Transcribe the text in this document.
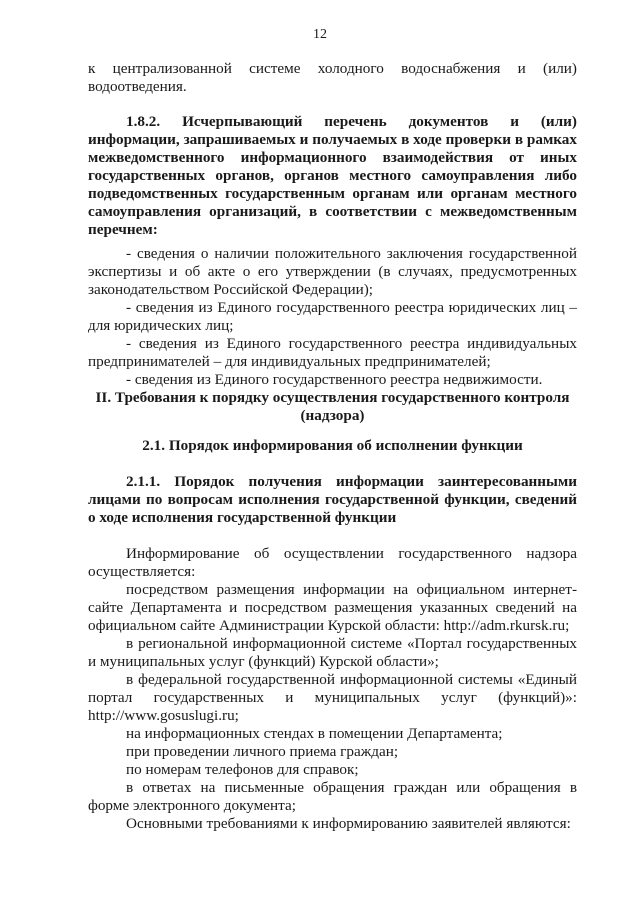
12

к централизованной системе холодного водоснабжения и (или) водоотведения.

1.8.2. Исчерпывающий перечень документов и (или)

информации, запрашиваемых и получаемых в ходе проверки в рамках межведомственного информационного взаимодействия от иных государственных органов, органов местного самоуправления либо подведомственных государственным органам или органам местного самоуправления организаций, в соответствии с межведомственным перечнем:

- сведения о наличии положительного заключения государственной экспертизы и об акте о его утверждении (в случаях, предусмотренных законодательством Российской Федерации);

- сведения из Единого государственного реестра юридических лиц – для юридических лиц;

- сведения из Единого государственного реестра индивидуальных предпринимателей – для индивидуальных предпринимателей;

- сведения из Единого государственного реестра недвижимости.

II. Требования к порядку осуществления государственного контроля (надзора)

2.1. Порядок информирования об исполнении функции

2.1.1. Порядок получения информации заинтересованными лицами по вопросам исполнения государственной функции, сведений о ходе исполнения государственной функции

Информирование об осуществлении государственного надзора осуществляется:

посредством размещения информации на официальном интернет-сайте Департамента и посредством размещения указанных сведений на официальном сайте Администрации Курской области: http://adm.rkursk.ru;

в региональной информационной системе «Портал государственных и муниципальных услуг (функций) Курской области»;

в федеральной государственной информационной системы «Единый портал государственных и муниципальных услуг (функций)»: http://www.gosuslugi.ru;

на информационных стендах в помещении Департамента;

при проведении личного приема граждан;

по номерам телефонов для справок;

в ответах на письменные обращения граждан или обращения в форме электронного документа;

Основными требованиями к информированию заявителей являются:
